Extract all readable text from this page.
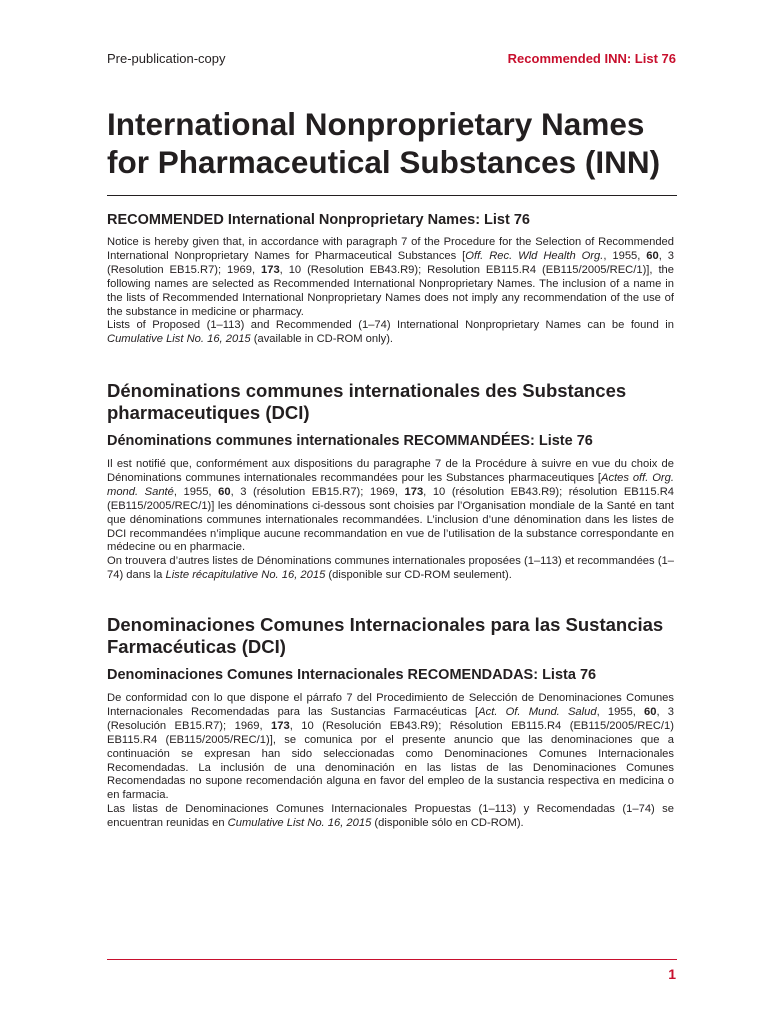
Pre-publication-copy	Recommended INN: List 76
International Nonproprietary Names
for Pharmaceutical Substances (INN)
RECOMMENDED International Nonproprietary Names: List 76

Notice is hereby given that, in accordance with paragraph 7 of the Procedure for the Selection of Recommended International Nonproprietary Names for Pharmaceutical Substances [Off. Rec. Wld Health Org., 1955, 60, 3 (Resolution EB15.R7); 1969, 173, 10 (Resolution EB43.R9); Resolution EB115.R4 (EB115/2005/REC/1)], the following names are selected as Recommended International Nonproprietary Names. The inclusion of a name in the lists of Recommended International Nonproprietary Names does not imply any recommendation of the use of the substance in medicine or pharmacy.

Lists of Proposed (1–113) and Recommended (1–74) International Nonproprietary Names can be found in Cumulative List No. 16, 2015 (available in CD-ROM only).

Dénominations communes internationales des Substances pharmaceutiques (DCI)
Dénominations communes internationales RECOMMANDÉES: Liste 76

Il est notifié que, conformément aux dispositions du paragraphe 7 de la Procédure à suivre en vue du choix de Dénominations communes internationales recommandées pour les Substances pharmaceutiques [Actes off. Org. mond. Santé, 1955, 60, 3 (résolution EB15.R7); 1969, 173, 10 (résolution EB43.R9); résolution EB115.R4 (EB115/2005/REC/1)] les dénominations ci-dessous sont choisies par l’Organisation mondiale de la Santé en tant que dénominations communes internationales recommandées. L’inclusion d’une dénomination dans les listes de DCI recommandées n’implique aucune recommandation en vue de l’utilisation de la substance correspondante en médecine ou en pharmacie.

On trouvera d’autres listes de Dénominations communes internationales proposées (1–113) et recommandées (1–74) dans la Liste récapitulative No. 16, 2015 (disponible sur CD-ROM seulement).

Denominaciones Comunes Internacionales para las Sustancias Farmacéuticas (DCI)
Denominaciones Comunes Internacionales RECOMENDADAS: Lista 76

De conformidad con lo que dispone el párrafo 7 del Procedimiento de Selección de Denominaciones Comunes Internacionales Recomendadas para las Sustancias Farmacéuticas [Act. Of. Mund. Salud, 1955, 60, 3 (Resolución EB15.R7); 1969, 173, 10 (Resolución EB43.R9); Résolution EB115.R4 (EB115/2005/REC/1) EB115.R4 (EB115/2005/REC/1)], se comunica por el presente anuncio que las denominaciones que a continuación se expresan han sido seleccionadas como Denominaciones Comunes Internacionales Recomendadas. La inclusión de una denominación en las listas de las Denominaciones Comunes Recomendadas no supone recomendación alguna en favor del empleo de la sustancia respectiva en medicina o en farmacia.

Las listas de Denominaciones Comunes Internacionales Propuestas (1–113) y Recomendadas (1–74) se encuentran reunidas en Cumulative List No. 16, 2015 (disponible sólo en CD-ROM).

1
